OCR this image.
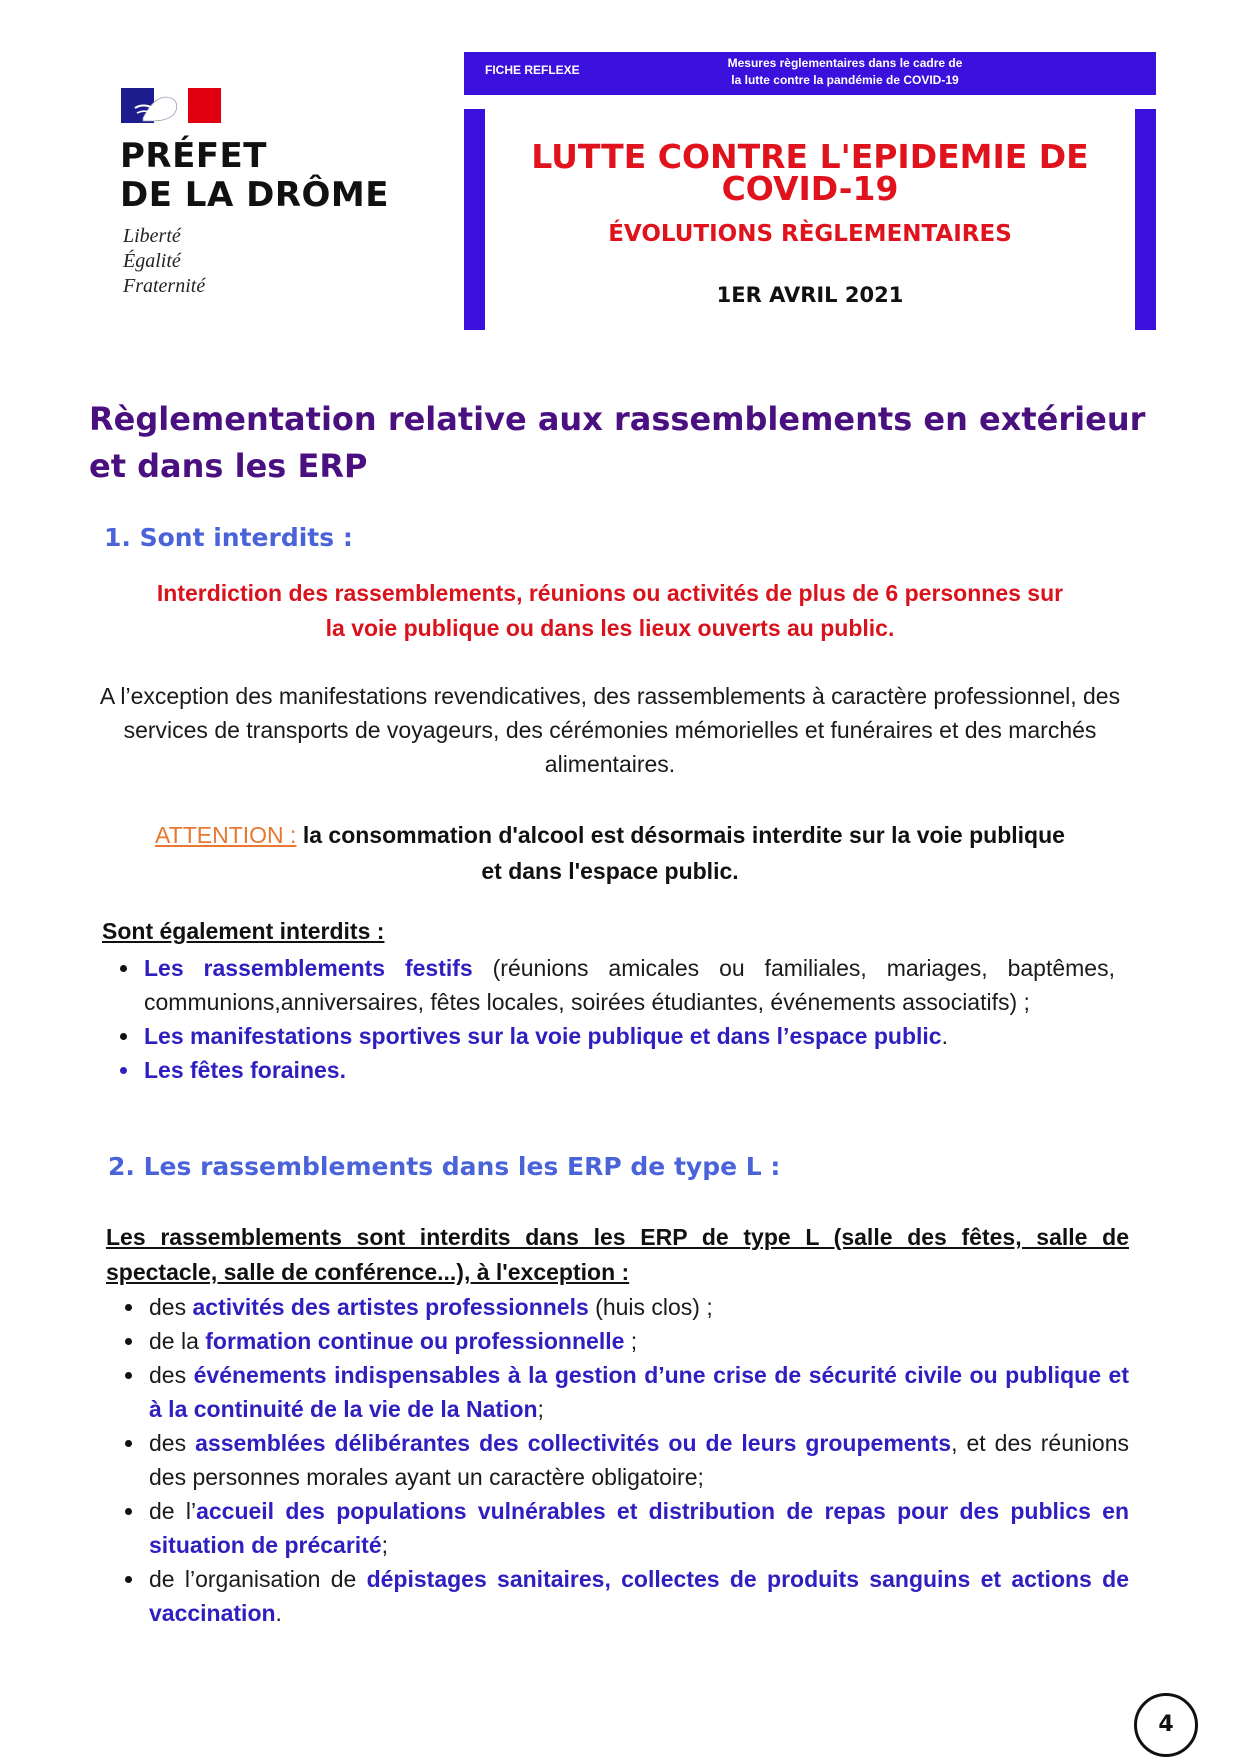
PRÉFET
DE LA DRÔME
Liberté
Égalité
Fraternité
FICHE REFLEXE	Mesures règlementaires dans le cadre de
la lutte contre la pandémie de COVID-19
LUTTE CONTRE L'EPIDEMIE DE
COVID-19
ÉVOLUTIONS RÈGLEMENTAIRES
1ER AVRIL 2021
Règlementation relative aux rassemblements en extérieur et dans les ERP
1. Sont interdits :
Interdiction des rassemblements, réunions ou activités de plus de 6 personnes sur
la voie publique ou dans les lieux ouverts au public.
A l’exception des manifestations revendicatives, des rassemblements à caractère professionnel, des services de transports de voyageurs, des cérémonies mémorielles et funéraires et des marchés alimentaires.
ATTENTION : la consommation d'alcool est désormais interdite sur la voie publique
et dans l'espace public.
Sont également interdits :
Les rassemblements festifs (réunions amicales ou familiales, mariages, baptêmes, communions,anniversaires, fêtes locales, soirées étudiantes, événements associatifs) ;
Les manifestations sportives sur la voie publique et dans l’espace public.
Les fêtes foraines.
2. Les rassemblements dans les ERP de type L :
Les rassemblements sont interdits dans les ERP de type L (salle des fêtes, salle de spectacle, salle de conférence...), à l'exception :
des activités des artistes professionnels (huis clos) ;
de la formation continue ou professionnelle ;
des événements indispensables à la gestion d’une crise de sécurité civile ou publique et à la continuité de la vie de la Nation;
des assemblées délibérantes des collectivités ou de leurs groupements, et des réunions des personnes morales ayant un caractère obligatoire;
de l’accueil des populations vulnérables et distribution de repas pour des publics en situation de précarité;
de l’organisation de dépistages sanitaires, collectes de produits sanguins et actions de vaccination.
4
